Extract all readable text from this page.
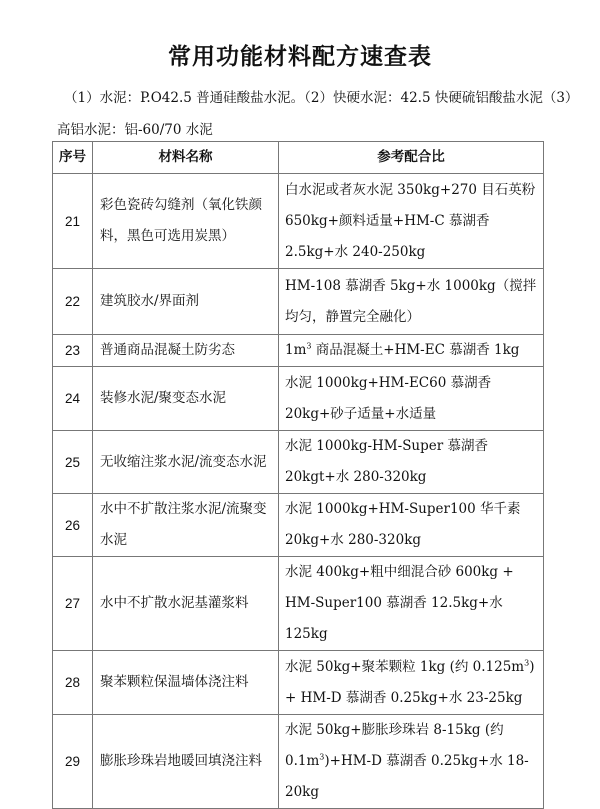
常用功能材料配方速查表
（1）水泥：P.O42.5 普通硅酸盐水泥。（2）快硬水泥：42.5 快硬硫铝酸盐水泥（3）
高铝水泥：铝-60/70 水泥
序号	材料名称	参考配合比
21	彩色瓷砖勾缝剂（氧化铁颜料，黑色可选用炭黑）	白水泥或者灰水泥 350kg+270 目石英粉 650kg+颜料适量+HM-C 慕湖香 2.5kg+水 240-250kg
22	建筑胶水/界面剂	HM-108 慕湖香 5kg+水 1000kg（搅拌均匀，静置完全融化）
23	普通商品混凝土防劣态	$1m^3$ 商品混凝土+HM-EC 慕湖香 1kg
24	装修水泥/聚变态水泥	水泥 1000kg+HM-EC60 慕湖香 20kg+砂子适量+水适量
25	无收缩注浆水泥/流变态水泥	水泥 1000kg-HM-Super 慕湖香 20kgt+水 280-320kg
26	水中不扩散注浆水泥/流聚变水泥	水泥 1000kg+HM-Super100 华千素 20kg+水 280-320kg
27	水中不扩散水泥基灌浆料	水泥 400kg+粗中细混合砂 600kg + HM-Super100 慕湖香 12.5kg+水 125kg
28	聚苯颗粒保温墙体浇注料	水泥 50kg+聚苯颗粒 1kg (约 $0.125m^3) + HM-D$ 慕湖香 0.25kg+水 23-25kg
29	膨胀珍珠岩地暖回填浇注料	水泥 50kg+膨胀珍珠岩 8-15kg (约 $0.1m^3)+HM-D$ 慕湖香 0.25kg+水 18-20kg
